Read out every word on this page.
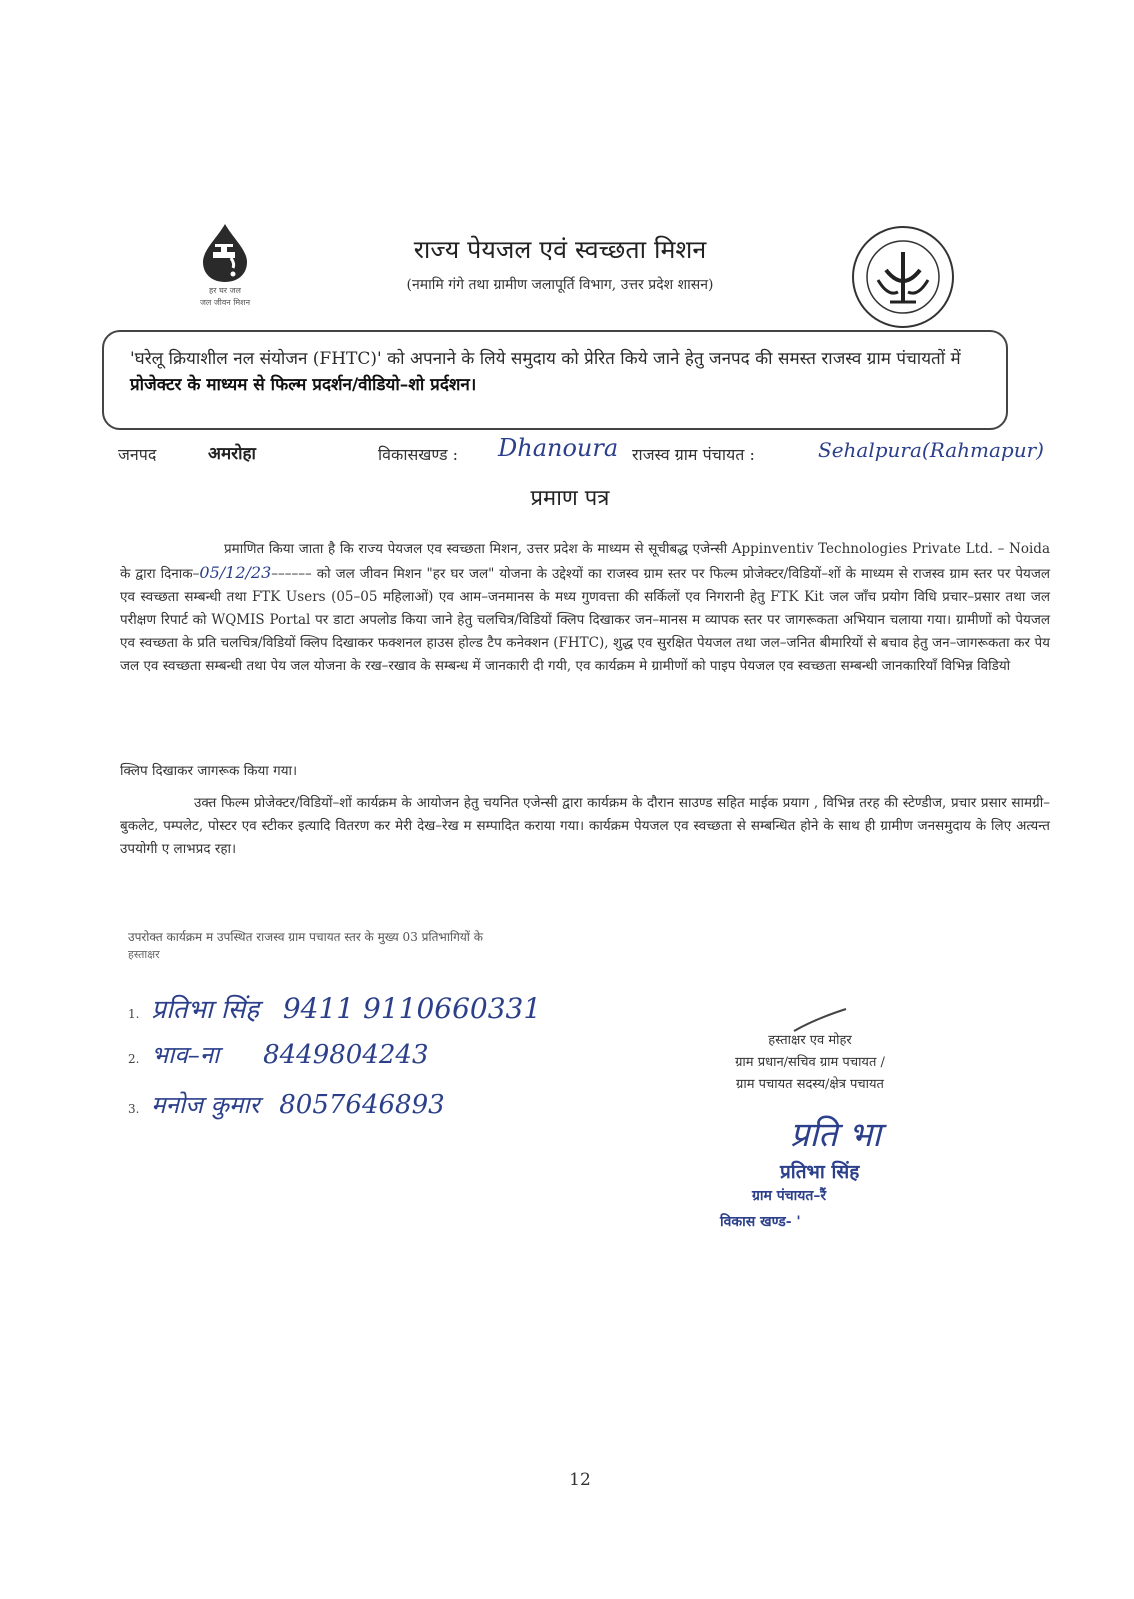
हर घर जल
जल जीवन मिशन
राज्य पेयजल एवं स्वच्छता मिशन
(नमामि गंगे तथा ग्रामीण जलापूर्ति विभाग, उत्तर प्रदेश शासन)
'घरेलू क्रियाशील नल संयोजन (FHTC)' को अपनाने के लिये समुदाय को प्रेरित किये जाने हेतु जनपद की समस्त राजस्व ग्राम पंचायतों में प्रोजेक्टर के माध्यम से फिल्म प्रदर्शन/वीडियो–शो प्रर्दशन।
जनपद	अमरोहा	विकासखण्ड : Dhanoura राजस्व ग्राम पंचायत :	Sehalpura(Rahmapur)
प्रमाण पत्र
प्रमाणित किया जाता है कि राज्य पेयजल एव स्वच्छता मिशन, उत्तर प्रदेश के माध्यम से सूचीबद्ध एजेन्सी Appinventiv Technologies Private Ltd. – Noida के द्वारा दिनाक–05/12/23–––––– को जल जीवन मिशन "हर घर जल" योजना के उद्देश्यों का राजस्व ग्राम स्तर पर फिल्म प्रोजेक्टर/विडियों–शों के माध्यम से राजस्व ग्राम स्तर पर पेयजल एव स्वच्छता सम्बन्धी तथा FTK Users (05–05 महिलाओं) एव आम–जनमानस के मध्य गुणवत्ता की सर्किलों एव निगरानी हेतु FTK Kit जल जाँच प्रयोग विधि प्रचार–प्रसार तथा जल परीक्षण रिपार्ट को WQMIS Portal पर डाटा अपलोड किया जाने हेतु चलचित्र/विडियों क्लिप दिखाकर जन–मानस म व्यापक स्तर पर जागरूकता अभियान चलाया गया। ग्रामीणों को पेयजल एव स्वच्छता के प्रति चलचित्र/विडियों क्लिप दिखाकर फक्शनल हाउस होल्ड टैप कनेक्शन (FHTC), शुद्ध एव सुरक्षित पेयजल तथा जल–जनित बीमारियों से बचाव हेतु जन–जागरूकता कर पेय जल एव स्वच्छता सम्बन्धी तथा पेय जल योजना के रख–रखाव के सम्बन्ध में जानकारी दी गयी, एव कार्यक्रम मे ग्रामीणों को पाइप पेयजल एव स्वच्छता सम्बन्धी जानकारियाँ विभिन्न विडियो
क्लिप दिखाकर जागरूक किया गया।
उक्त फिल्म प्रोजेक्टर/विडियों–शों कार्यक्रम के आयोजन हेतु चयनित एजेन्सी द्वारा कार्यक्रम के दौरान साउण्ड सहित माईक प्रयाग , विभिन्न तरह की स्टेण्डीज, प्रचार प्रसार सामग्री–बुकलेट, पम्पलेट, पोस्टर एव स्टीकर इत्यादि वितरण कर मेरी देख–रेख म सम्पादित कराया गया। कार्यक्रम पेयजल एव स्वच्छता से सम्बन्धित होने के साथ ही ग्रामीण जनसमुदाय के लिए अत्यन्त उपयोगी ए लाभप्रद रहा।
उपरोक्त कार्यक्रम म उपस्थित राजस्व ग्राम पचायत स्तर के मुख्य 03 प्रतिभागियों के
हस्ताक्षर
1. प्रतिभा सिंह 9411 9110660331
2. भाव–ना 8449804243
3. मनोज कुमार 8057646893
हस्ताक्षर एव मोहर
ग्राम प्रधान/सचिव ग्राम पचायत /
ग्राम पचायत सदस्य/क्षेत्र पचायत
प्रति भा
प्रतिभा सिंह
ग्राम पंचायत–रैं
विकास खण्ड- '
12
